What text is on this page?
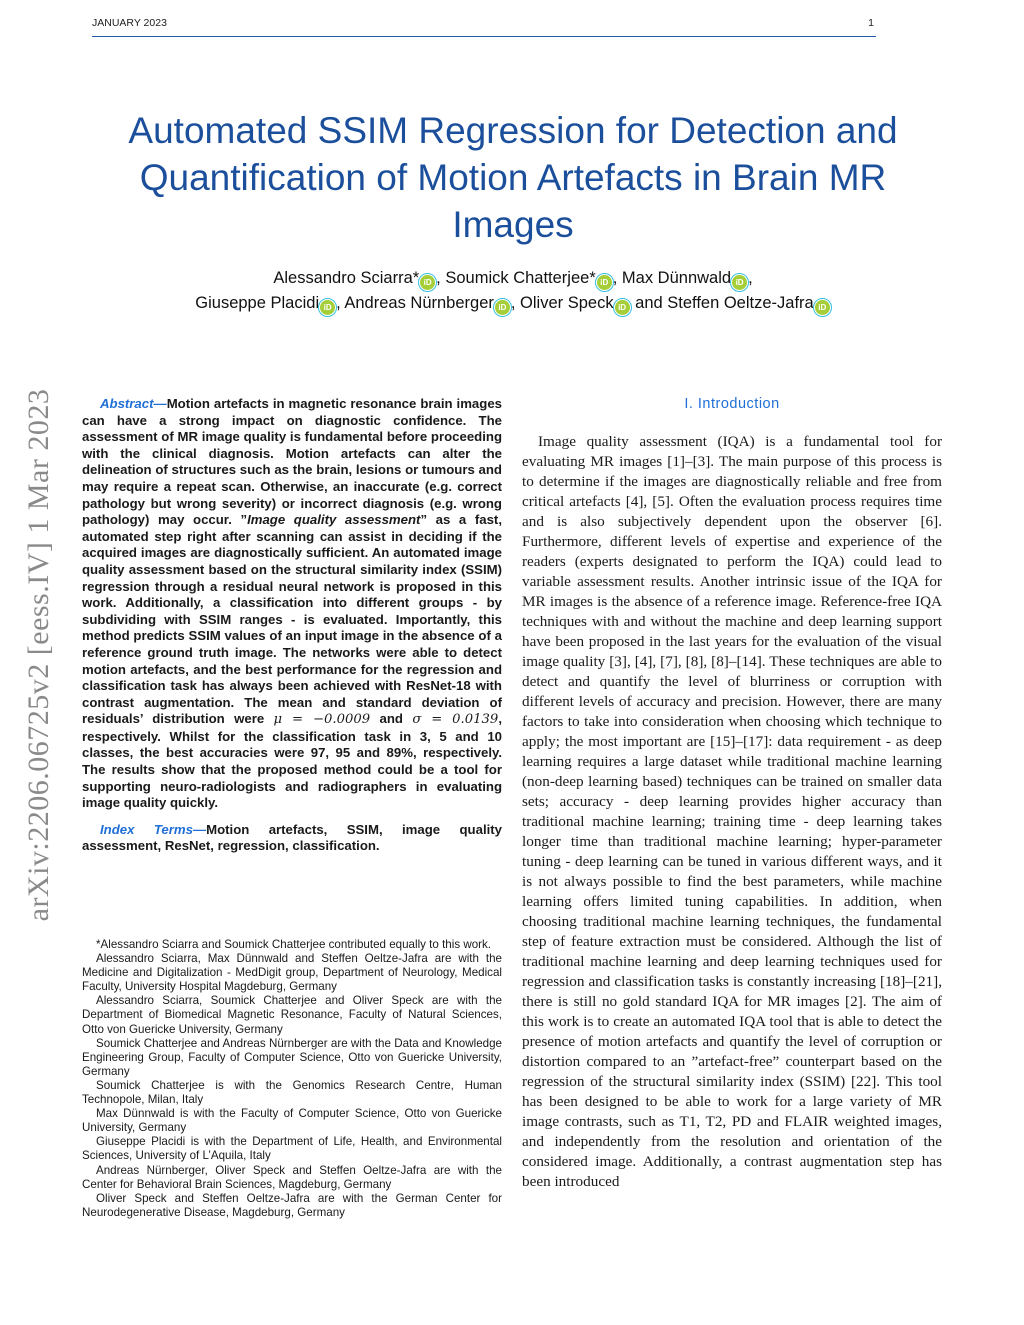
JANUARY 2023	1
arXiv:2206.06725v2 [eess.IV] 1 Mar 2023
Automated SSIM Regression for Detection and Quantification of Motion Artefacts in Brain MR Images
Alessandro Sciarra* iD , Soumick Chatterjee* iD , Max Dünnwald iD ,
Giuseppe Placidi iD , Andreas Nürnberger iD , Oliver Speck iD and Steffen Oeltze-Jafra iD

Abstract—Motion artefacts in magnetic resonance brain images can have a strong impact on diagnostic confidence. The assessment of MR image quality is fundamental before proceeding with the clinical diagnosis. Motion artefacts can alter the delineation of structures such as the brain, lesions or tumours and may require a repeat scan. Otherwise, an inaccurate (e.g. correct pathology but wrong severity) or incorrect diagnosis (e.g. wrong pathology) may occur. ”Image quality assessment” as a fast, automated step right after scanning can assist in deciding if the acquired images are diagnostically sufficient. An automated image quality assessment based on the structural similarity index (SSIM) regression through a residual neural network is proposed in this work. Additionally, a classification into different groups - by subdividing with SSIM ranges - is evaluated. Importantly, this method predicts SSIM values of an input image in the absence of a reference ground truth image. The networks were able to detect motion artefacts, and the best performance for the regression and classification task has always been achieved with ResNet-18 with contrast augmentation. The mean and standard deviation of residuals’ distribution were μ = −0.0009 and σ = 0.0139, respectively. Whilst for the classification task in 3, 5 and 10 classes, the best accuracies were 97, 95 and 89%, respectively. The results show that the proposed method could be a tool for supporting neuro-radiologists and radiographers in evaluating image quality quickly.

Index Terms—Motion artefacts, SSIM, image quality assessment, ResNet, regression, classification.

*Alessandro Sciarra and Soumick Chatterjee contributed equally to this work.

Alessandro Sciarra, Max Dünnwald and Steffen Oeltze-Jafra are with the Medicine and Digitalization - MedDigit group, Department of Neurology, Medical Faculty, University Hospital Magdeburg, Germany

Alessandro Sciarra, Soumick Chatterjee and Oliver Speck are with the Department of Biomedical Magnetic Resonance, Faculty of Natural Sciences, Otto von Guericke University, Germany

Soumick Chatterjee and Andreas Nürnberger are with the Data and Knowledge Engineering Group, Faculty of Computer Science, Otto von Guericke University, Germany

Soumick Chatterjee is with the Genomics Research Centre, Human Technopole, Milan, Italy

Max Dünnwald is with the Faculty of Computer Science, Otto von Guericke University, Germany

Giuseppe Placidi is with the Department of Life, Health, and Environmental Sciences, University of L’Aquila, Italy

Andreas Nürnberger, Oliver Speck and Steffen Oeltze-Jafra are with the Center for Behavioral Brain Sciences, Magdeburg, Germany

Oliver Speck and Steffen Oeltze-Jafra are with the German Center for Neurodegenerative Disease, Magdeburg, Germany

I. Introduction

Image quality assessment (IQA) is a fundamental tool for evaluating MR images [1]–[3]. The main purpose of this process is to determine if the images are diagnostically reliable and free from critical artefacts [4], [5]. Often the evaluation process requires time and is also subjectively dependent upon the observer [6]. Furthermore, different levels of expertise and experience of the readers (experts designated to perform the IQA) could lead to variable assessment results. Another intrinsic issue of the IQA for MR images is the absence of a reference image. Reference-free IQA techniques with and without the machine and deep learning support have been proposed in the last years for the evaluation of the visual image quality [3], [4], [7], [8], [8]–[14]. These techniques are able to detect and quantify the level of blurriness or corruption with different levels of accuracy and precision. However, there are many factors to take into consideration when choosing which technique to apply; the most important are [15]–[17]: data requirement - as deep learning requires a large dataset while traditional machine learning (non-deep learning based) techniques can be trained on smaller data sets; accuracy - deep learning provides higher accuracy than traditional machine learning; training time - deep learning takes longer time than traditional machine learning; hyper-parameter tuning - deep learning can be tuned in various different ways, and it is not always possible to find the best parameters, while machine learning offers limited tuning capabilities. In addition, when choosing traditional machine learning techniques, the fundamental step of feature extraction must be considered. Although the list of traditional machine learning and deep learning techniques used for regression and classification tasks is constantly increasing [18]–[21], there is still no gold standard IQA for MR images [2]. The aim of this work is to create an automated IQA tool that is able to detect the presence of motion artefacts and quantify the level of corruption or distortion compared to an ”artefact-free” counterpart based on the regression of the structural similarity index (SSIM) [22]. This tool has been designed to be able to work for a large variety of MR image contrasts, such as T1, T2, PD and FLAIR weighted images, and independently from the resolution and orientation of the considered image. Additionally, a contrast augmentation step has been introduced
